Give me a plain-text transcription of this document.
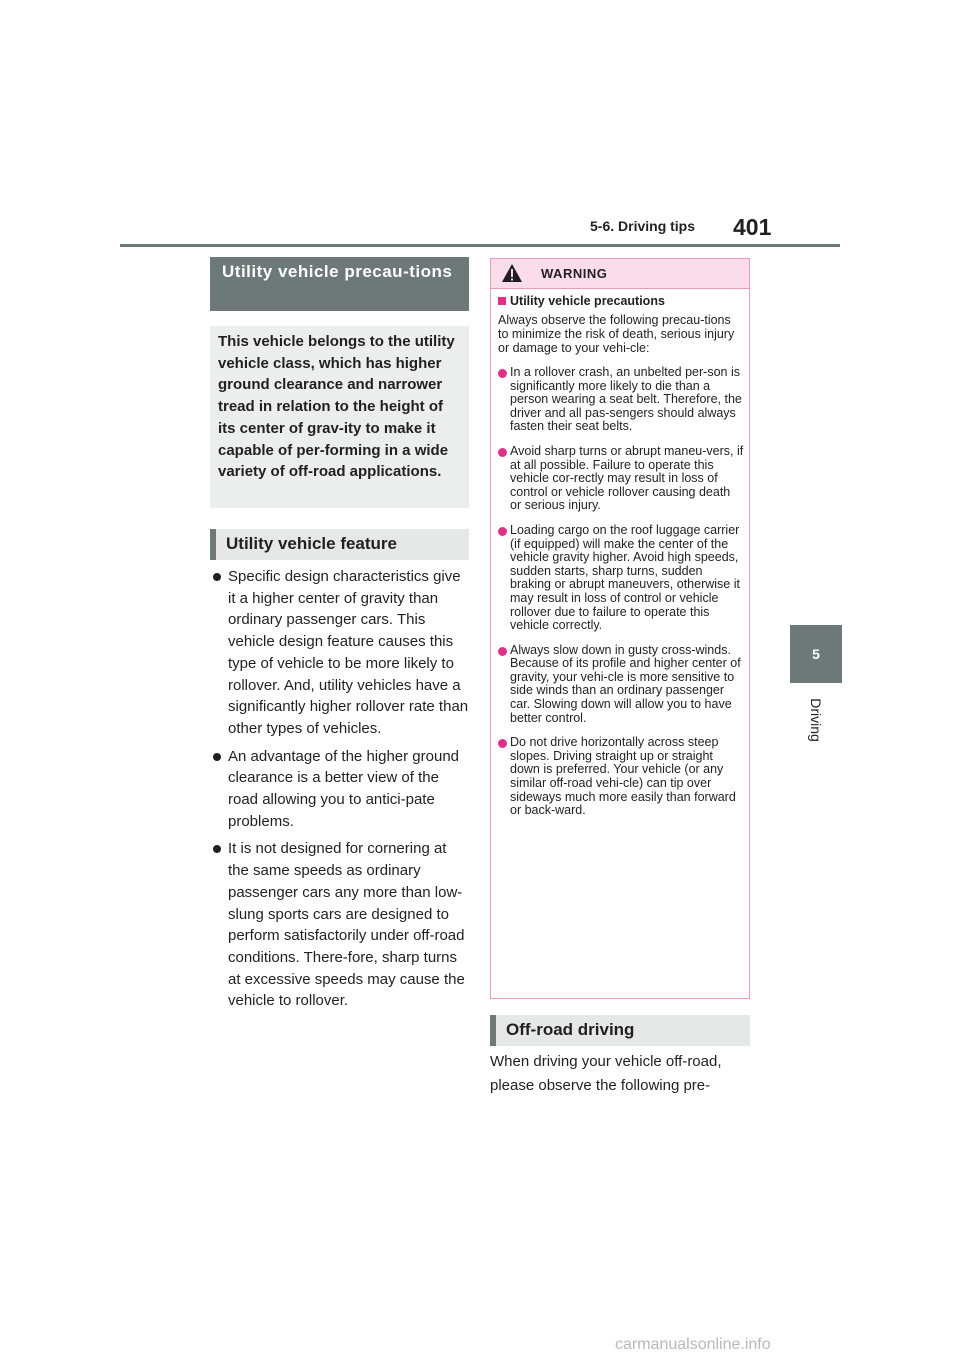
5-6. Driving tips 401
5
Driving
Utility vehicle precau-tions
This vehicle belongs to the utility vehicle class, which has higher ground clearance and narrower tread in relation to the height of its center of grav-ity to make it capable of per-forming in a wide variety of off-road applications.
Utility vehicle feature
Specific design characteristics give it a higher center of gravity than ordinary passenger cars. This vehicle design feature causes this type of vehicle to be more likely to rollover. And, utility vehicles have a significantly higher rollover rate than other types of vehicles.
An advantage of the higher ground clearance is a better view of the road allowing you to antici-pate problems.
It is not designed for cornering at the same speeds as ordinary passenger cars any more than low-slung sports cars are designed to perform satisfactorily under off-road conditions. There-fore, sharp turns at excessive speeds may cause the vehicle to rollover.
WARNING
Utility vehicle precautions
Always observe the following precau-tions to minimize the risk of death, serious injury or damage to your vehi-cle:
In a rollover crash, an unbelted per-son is significantly more likely to die than a person wearing a seat belt. Therefore, the driver and all pas-sengers should always fasten their seat belts.
Avoid sharp turns or abrupt maneu-vers, if at all possible. Failure to operate this vehicle cor-rectly may result in loss of control or vehicle rollover causing death or serious injury.
Loading cargo on the roof luggage carrier (if equipped) will make the center of the vehicle gravity higher. Avoid high speeds, sudden starts, sharp turns, sudden braking or abrupt maneuvers, otherwise it may result in loss of control or vehicle rollover due to failure to operate this vehicle correctly.
Always slow down in gusty cross-winds. Because of its profile and higher center of gravity, your vehi-cle is more sensitive to side winds than an ordinary passenger car. Slowing down will allow you to have better control.
Do not drive horizontally across steep slopes. Driving straight up or straight down is preferred. Your vehicle (or any similar off-road vehi-cle) can tip over sideways much more easily than forward or back-ward.
Off-road driving
When driving your vehicle off-road, please observe the following pre-
carmanualsonline.info
